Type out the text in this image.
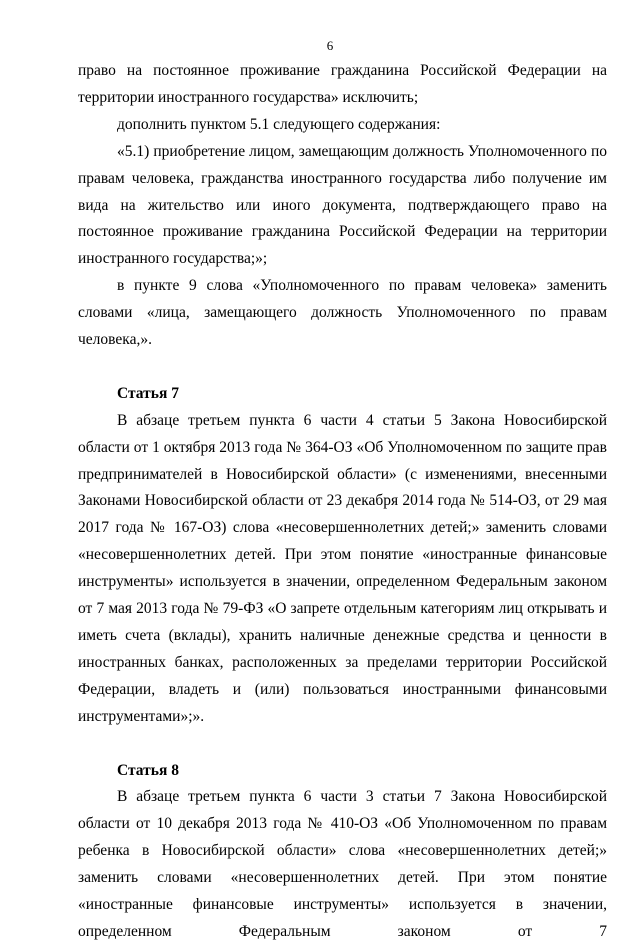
6

право на постоянное проживание гражданина Российской Федерации на территории иностранного государства» исключить;

дополнить пунктом 5.1 следующего содержания:

«5.1) приобретение лицом, замещающим должность Уполномоченного по правам человека, гражданства иностранного государства либо получение им вида на жительство или иного документа, подтверждающего право на постоянное проживание гражданина Российской Федерации на территории иностранного государства;»;

в пункте 9 слова «Уполномоченного по правам человека» заменить словами «лица, замещающего должность Уполномоченного по правам человека,».

Статья 7

В абзаце третьем пункта 6 части 4 статьи 5 Закона Новосибирской области от 1 октября 2013 года № 364-ОЗ «Об Уполномоченном по защите прав предпринимателей в Новосибирской области» (с изменениями, внесенными Законами Новосибирской области от 23 декабря 2014 года № 514-ОЗ, от 29 мая 2017 года № 167-ОЗ) слова «несовершеннолетних детей;» заменить словами «несовершеннолетних детей. При этом понятие «иностранные финансовые инструменты» используется в значении, определенном Федеральным законом от 7 мая 2013 года № 79-ФЗ «О запрете отдельным категориям лиц открывать и иметь счета (вклады), хранить наличные денежные средства и ценности в иностранных банках, расположенных за пределами территории Российской Федерации, владеть и (или) пользоваться иностранными финансовыми инструментами»;».

Статья 8

В абзаце третьем пункта 6 части 3 статьи 7 Закона Новосибирской области от 10 декабря 2013 года № 410-ОЗ «Об Уполномоченном по правам ребенка в Новосибирской области» слова «несовершеннолетних детей;» заменить словами «несовершеннолетних детей. При этом понятие «иностранные финансовые инструменты» используется в значении, определенном Федеральным законом от 7
